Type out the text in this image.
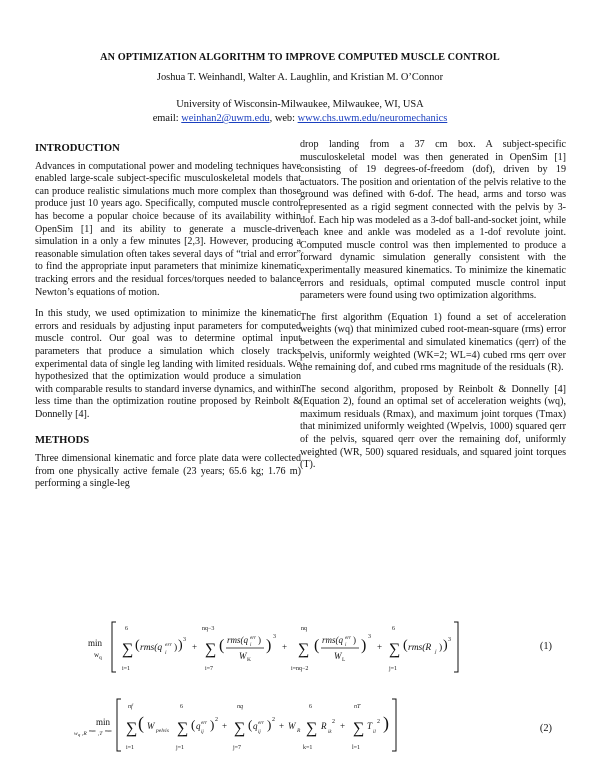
AN OPTIMIZATION ALGORITHM TO IMPROVE COMPUTED MUSCLE CONTROL
Joshua T. Weinhandl, Walter A. Laughlin, and Kristian M. O’Connor
University of Wisconsin-Milwaukee, Milwaukee, WI, USA
email: weinhan2@uwm.edu, web: www.chs.uwm.edu/neuromechanics
INTRODUCTION

Advances in computational power and modeling techniques have enabled large-scale subject-specific musculoskeletal models that can produce realistic simulations much more complex than those produce just 10 years ago. Specifically, computed muscle control has become a popular choice because of its availability within OpenSim [1] and its ability to generate a muscle-driven simulation in a only a few minutes [2,3]. However, producing a reasonable simulation often takes several days of “trial and error” to find the appropriate input parameters that minimize kinematic tracking errors and the residual forces/torques needed to balance Newton’s equations of motion.

In this study, we used optimization to minimize the kinematic errors and residuals by adjusting input parameters for computed muscle control. Our goal was to determine optimal input parameters that produce a simulation which closely tracks experimental data of single leg landing with limited residuals. We hypothesized that the optimization would produce a simulation with comparable results to standard inverse dynamics, and within less time than the optimization routine proposed by Reinbolt & Donnelly [4].

METHODS

Three dimensional kinematic and force plate data were collected from one physically active female (23 years; 65.6 kg; 1.76 m) performing a single-leg

drop landing from a 37 cm box. A subject-specific musculoskeletal model was then generated in OpenSim [1] consisting of 19 degrees-of-freedom (dof), driven by 19 actuators. The position and orientation of the pelvis relative to the ground was defined with 6-dof. The head, arms and torso was represented as a rigid segment connected with the pelvis by 3-dof. Each hip was modeled as a 3-dof ball-and-socket joint, while each knee and ankle was modeled as a 1-dof revolute joint. Computed muscle control was then implemented to produce a forward dynamic simulation generally consistent with the experimentally measured kinematics. To minimize the kinematic errors and residuals, optimal computed muscle control input parameters were found using two optimization algorithms.

The first algorithm (Equation 1) found a set of acceleration weights (wq) that minimized cubed root-mean-square (rms) error between the experimental and simulated kinematics (qerr) of the pelvis, uniformly weighted (WK=2; WL=4) cubed rms qerr over the remaining dof, and cubed rms magnitude of the residuals (R).

The second algorithm, proposed by Reinbolt & Donnelly [4] (Equation 2), found an optimal set of acceleration weights (wq), maximum residuals (Rmax), and maximum joint torques (Tmax) that minimized uniformly weighted (Wpelvis, 1000) squared qerr of the pelvis, squared qerr over the remaining dof, uniformly weighted (WR, 500) squared residuals, and squared joint torques (T).

min
w q ∑
6
i=1
( rms(q err
i ) ) 3
+ ∑
nq−3
i=7
( rms(q err
i
)
W K
) 3
+ ∑
nq
i=nq−2
( rms(q err
i
)
W L
) 3
+ ∑
6
j=1
( rms(R j ) ) 3
(1)
min
w q ,R
max
,T
max ∑
nf
i=1
( W pelvis ∑
6
j=1
( q err
ij
) 2
+ ∑
nq
j=7
( q err
ij
) 2
+ W R ∑
6
k=1
R
ik
2 + ∑
nT
l=1
T
il
2 )	(2)
